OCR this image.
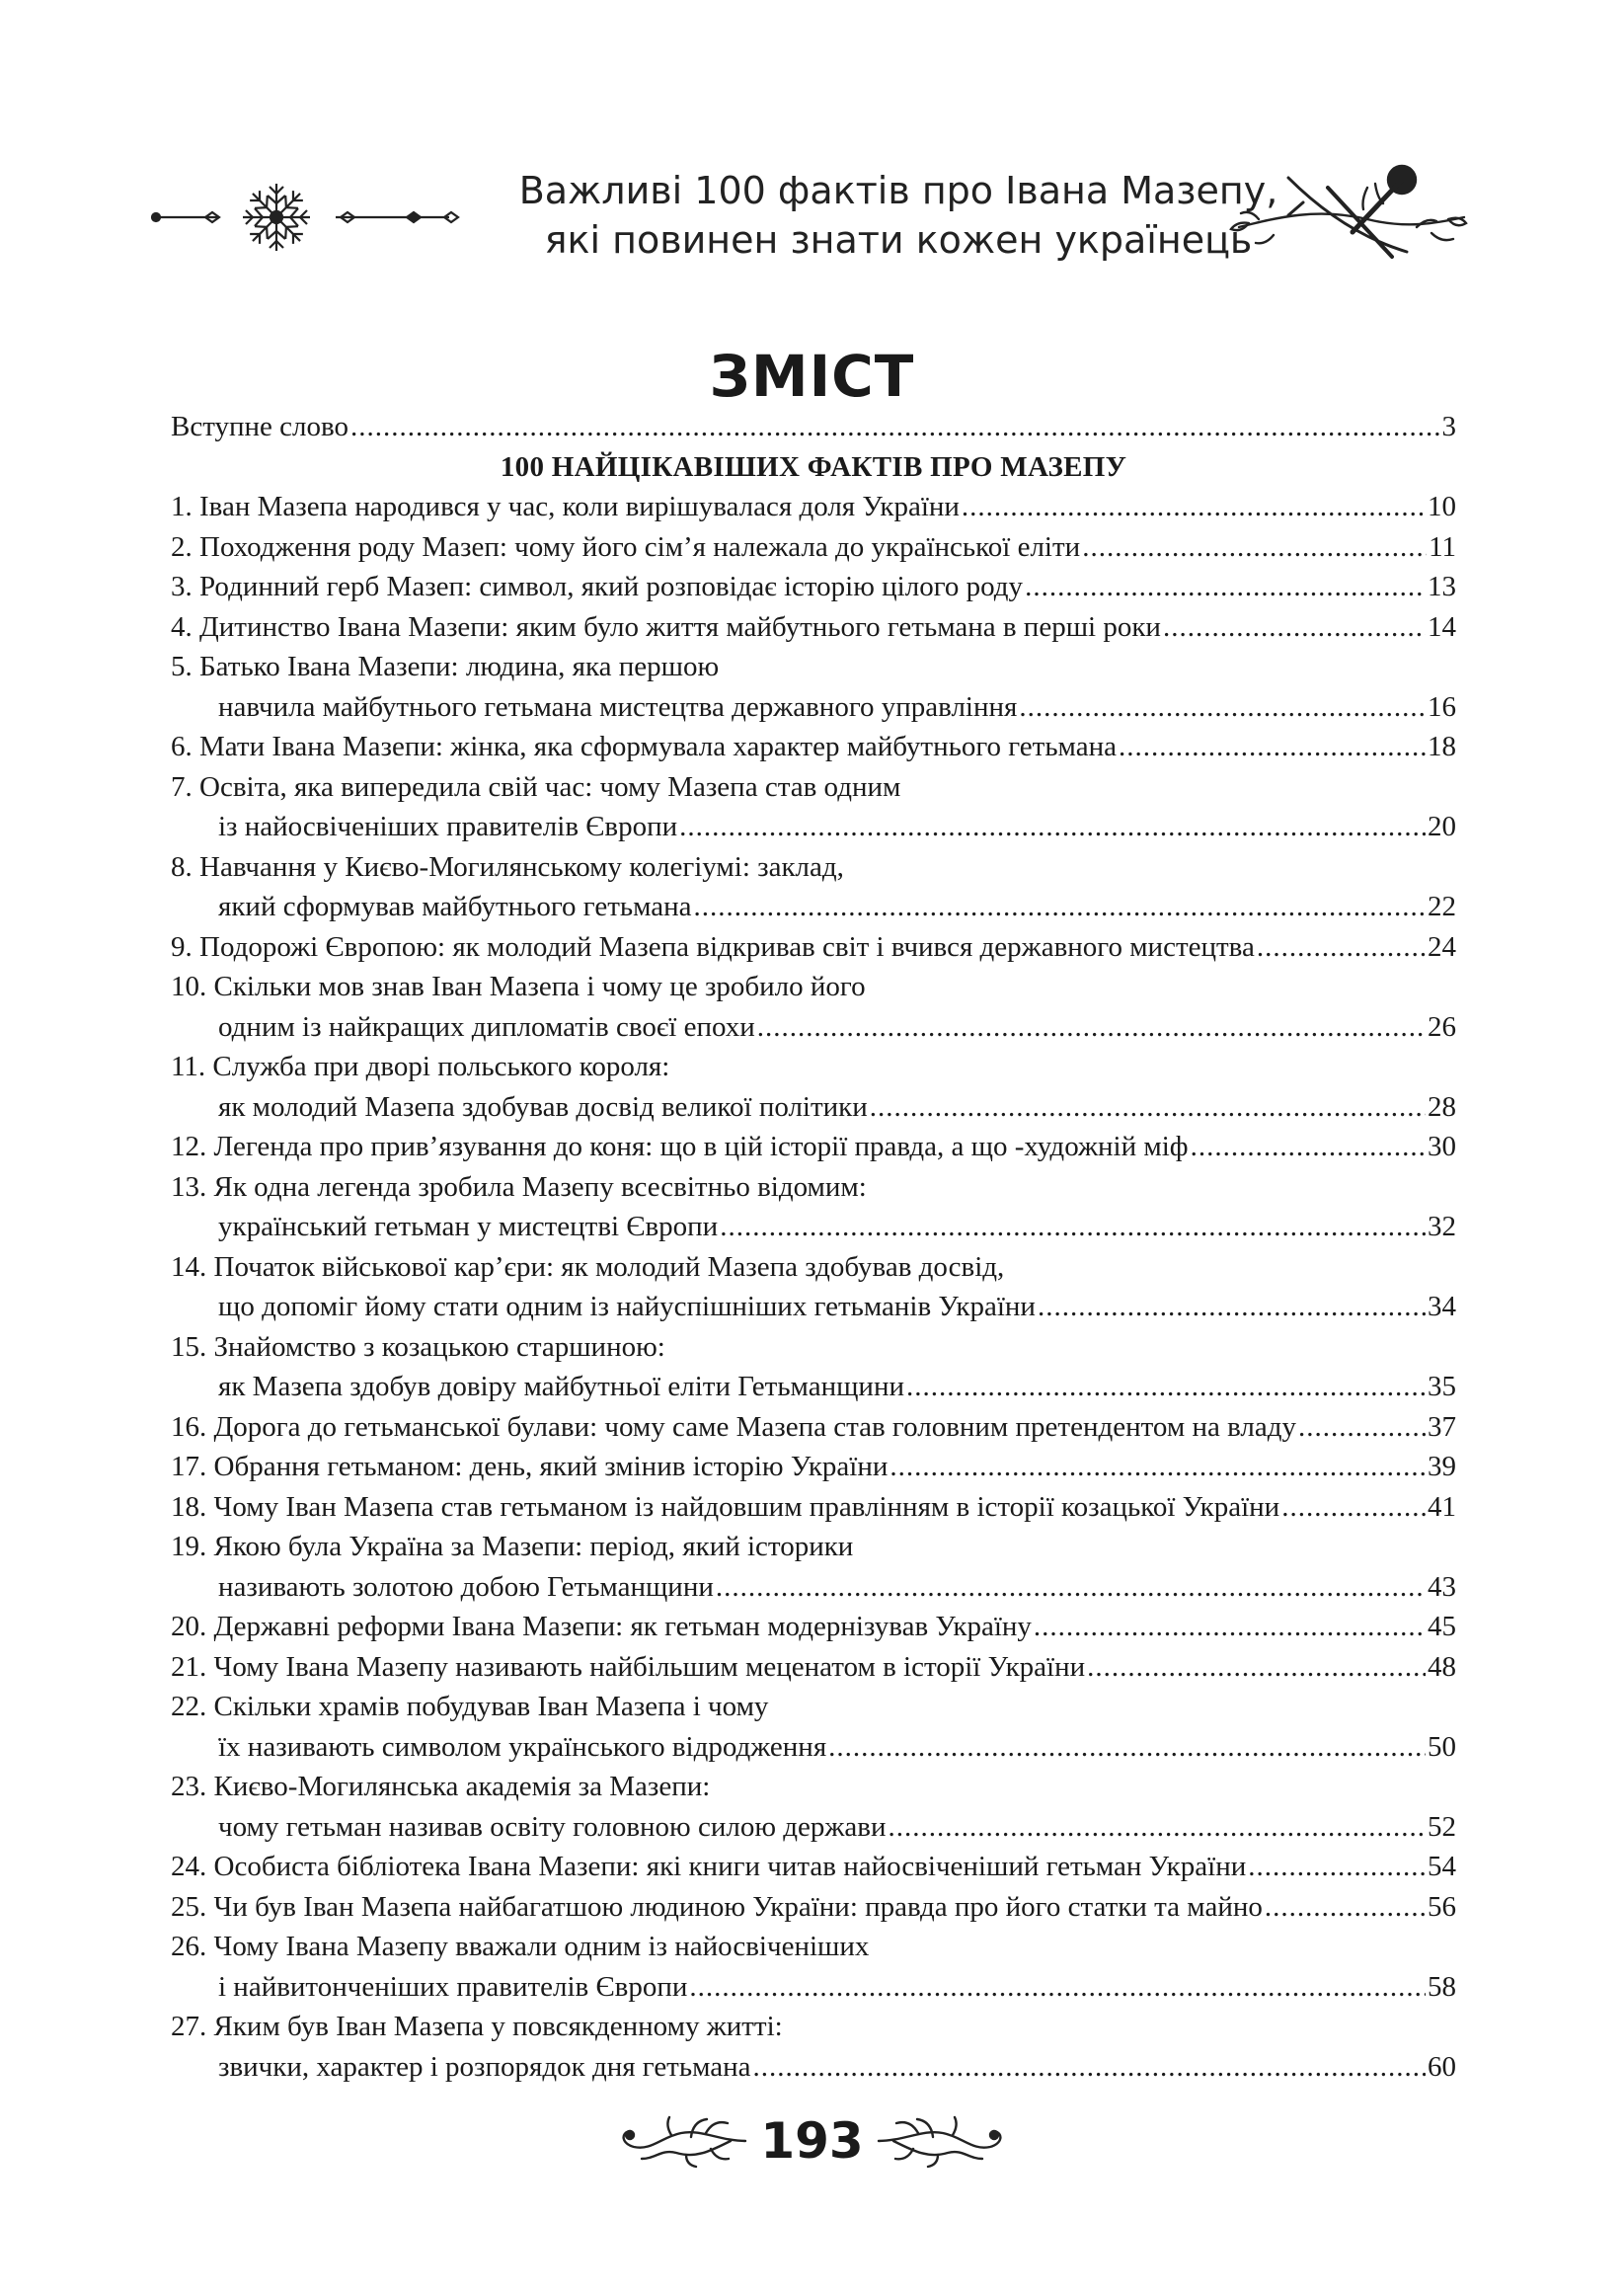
Важливі 100 фактів про Івана Мазепу,
які повинен знати кожен українець
ЗМІСТ
Вступне слово .....	3
100 НАЙЦІКАВІШИХ ФАКТІВ ПРО МАЗЕПУ
1. Іван Мазепа народився у час, коли вирішувалася доля України .....	10
2. Походження роду Мазеп: чому його сім’я належала до української еліти .....	11
3. Родинний герб Мазеп: символ, який розповідає історію цілого роду .....	13
4. Дитинство Івана Мазепи: яким було життя майбутнього гетьмана в перші роки .....	14
5. Батько Івана Мазепи: людина, яка першою
навчила майбутнього гетьмана мистецтва державного управління .....	16
6. Мати Івана Мазепи: жінка, яка сформувала характер майбутнього гетьмана .....	18
7. Освіта, яка випередила свій час: чому Мазепа став одним
із найосвіченіших правителів Європи .....	20
8. Навчання у Києво-Могилянському колегіумі: заклад,
який сформував майбутнього гетьмана .....	22
9. Подорожі Європою: як молодий Мазепа відкривав світ і вчився державного мистецтва .....	24
10. Скільки мов знав Іван Мазепа і чому це зробило його
одним із найкращих дипломатів своєї епохи .....	26
11. Служба при дворі польського короля:
як молодий Мазепа здобував досвід великої політики .....	28
12. Легенда про прив’язування до коня: що в цій історії правда, а що -художній міф .....	30
13. Як одна легенда зробила Мазепу всесвітньо відомим:
український гетьман у мистецтві Європи .....	32
14. Початок військової кар’єри: як молодий Мазепа здобував досвід,
що допоміг йому стати одним із найуспішніших гетьманів України .....	34
15. Знайомство з козацькою старшиною:
як Мазепа здобув довіру майбутньої еліти Гетьманщини .....	35
16. Дорога до гетьманської булави: чому саме Мазепа став головним претендентом на владу .....	37
17. Обрання гетьманом: день, який змінив історію України .....	39
18. Чому Іван Мазепа став гетьманом із найдовшим правлінням в історії козацької України .....	41
19. Якою була Україна за Мазепи: період, який історики
називають золотою добою Гетьманщини .....	43
20. Державні реформи Івана Мазепи: як гетьман модернізував Україну .....	45
21. Чому Івана Мазепу називають найбільшим меценатом в історії України .....	48
22. Скільки храмів побудував Іван Мазепа і чому
їх називають символом українського відродження .....	50
23. Києво-Могилянська академія за Мазепи:
чому гетьман називав освіту головною силою держави .....	52
24. Особиста бібліотека Івана Мазепи: які книги читав найосвіченіший гетьман України .....	54
25. Чи був Іван Мазепа найбагатшою людиною України: правда про його статки та майно .....	56
26. Чому Івана Мазепу вважали одним із найосвіченіших
і найвитонченіших правителів Європи .....	58
27. Яким був Іван Мазепа у повсякденному житті:
звички, характер і розпорядок дня гетьмана .....	60
193
